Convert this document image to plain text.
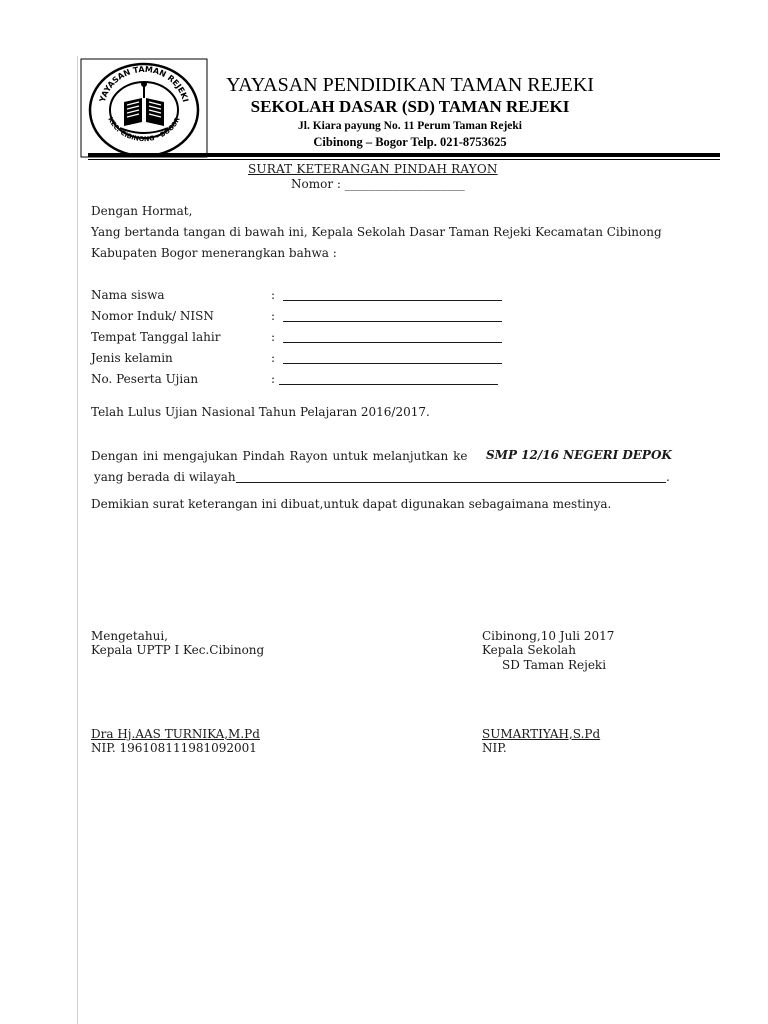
YAYASAN TAMAN REJEKI
KEC. CIBINONG - BOGOR
YAYASAN PENDIDIKAN TAMAN REJEKI
SEKOLAH DASAR (SD) TAMAN REJEKI
Jl. Kiara payung No. 11 Perum Taman Rejeki
Cibinong – Bogor Telp. 021-8753625
SURAT KETERANGAN PINDAH RAYON
Nomor : ____________________
Dengan Hormat,
Yang bertanda tangan di bawah ini, Kepala Sekolah Dasar Taman Rejeki Kecamatan Cibinong
Kabupaten Bogor menerangkan bahwa :
Nama siswa	:
Nomor Induk/ NISN	:
Tempat Tanggal lahir	:
Jenis kelamin	:
No. Peserta Ujian	:
Telah Lulus Ujian Nasional Tahun Pelajaran 2016/2017.
Dengan ini mengajukan Pindah Rayon untuk melanjutkan ke SMP 12/16 NEGERI DEPOK
yang berada di wilayah	.
Demikian surat keterangan ini dibuat,untuk dapat digunakan sebagaimana mestinya.
Mengetahui,
Kepala UPTP I Kec.Cibinong
Dra Hj.AAS TURNIKA,M.Pd
NIP. 196108111981092001
Cibinong,10 Juli 2017
Kepala Sekolah
SD Taman Rejeki
SUMARTIYAH,S.Pd
NIP.
